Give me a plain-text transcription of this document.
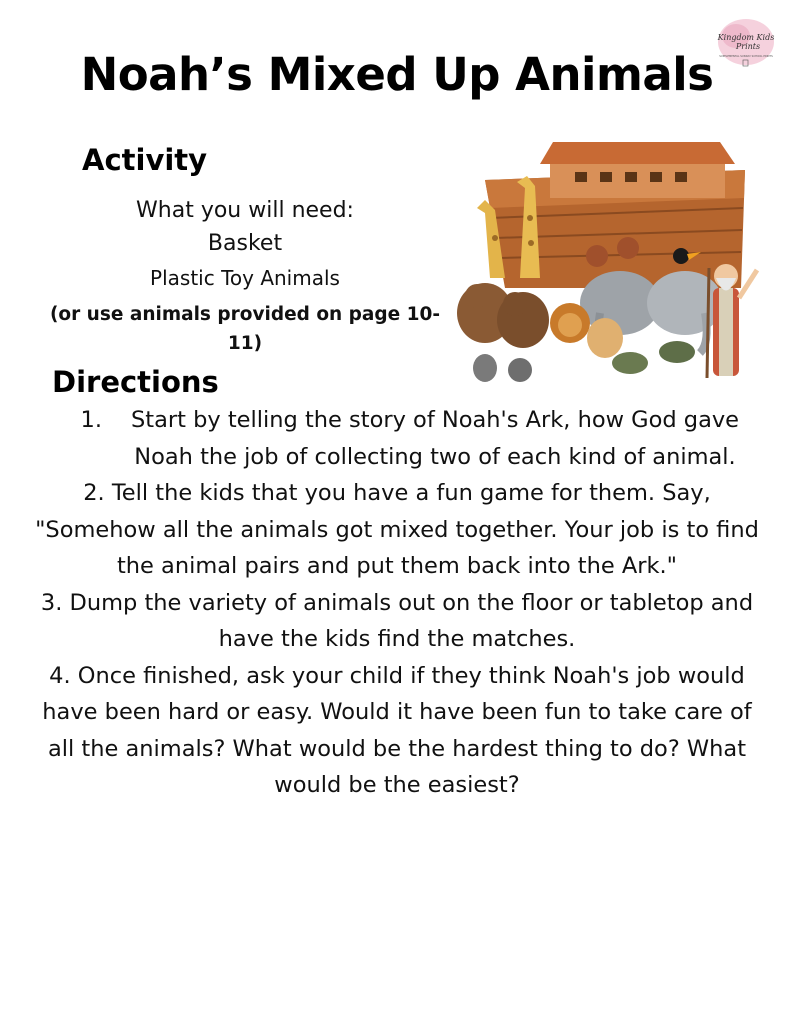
Noah’s Mixed Up Animals
Kingdom Kids
Prints
SUPPLEMENTAL SUNDAY SCHOOL PRINTS
Activity
What you will need:
Basket
Plastic Toy Animals
(or use animals provided on page 10-11)
Directions
1.	Start by telling the story of Noah's Ark, how God gave Noah the job of collecting two of each kind of animal.

2. Tell the kids that you have a fun game for them. Say, "Somehow all the animals got mixed together. Your job is to find the animal pairs and put them back into the Ark."

3. Dump the variety of animals out on the floor or tabletop and have the kids find the matches.

4. Once finished, ask your child if they think Noah's job would have been hard or easy. Would it have been fun to take care of all the animals? What would be the hardest thing to do? What would be the easiest?
